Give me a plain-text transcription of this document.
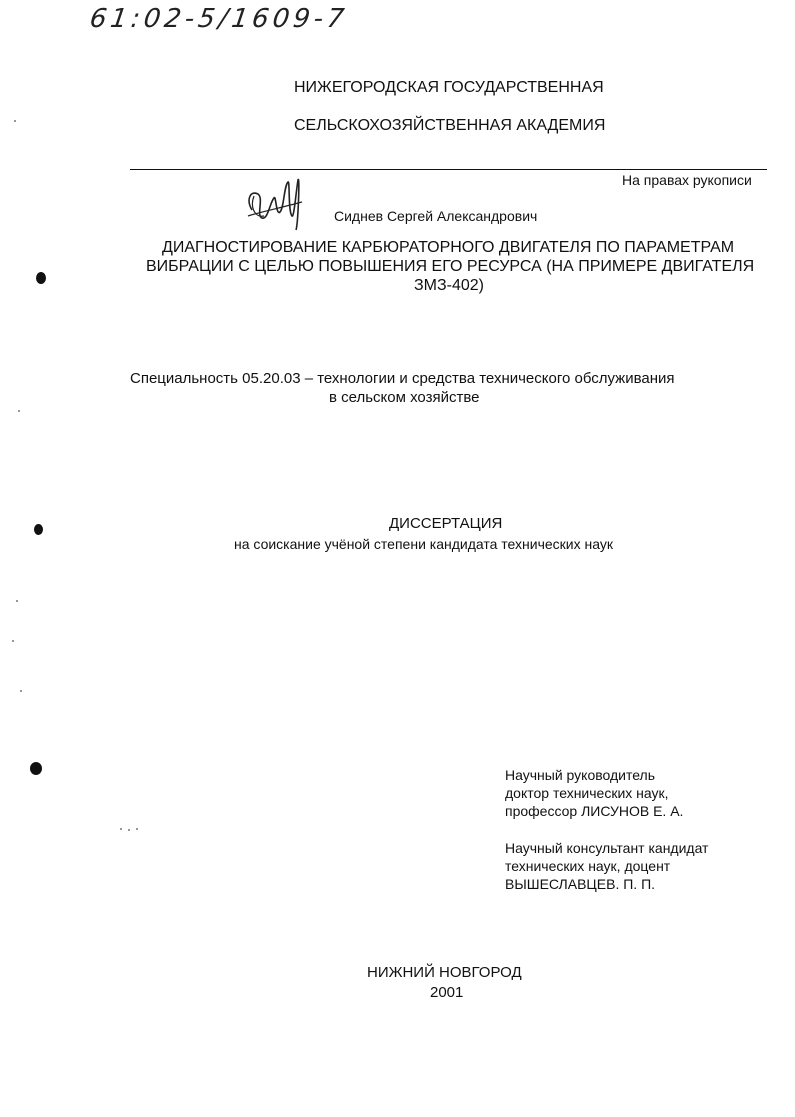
61:02-5/1609-7
НИЖЕГОРОДСКАЯ ГОСУДАРСТВЕННАЯ
СЕЛЬСКОХОЗЯЙСТВЕННАЯ АКАДЕМИЯ
На правах рукописи
Сиднев Сергей Александрович
ДИАГНОСТИРОВАНИЕ КАРБЮРАТОРНОГО ДВИГАТЕЛЯ ПО ПАРАМЕТРАМ
ВИБРАЦИИ С ЦЕЛЬЮ ПОВЫШЕНИЯ ЕГО РЕСУРСА (НА ПРИМЕРЕ ДВИГАТЕЛЯ
ЗМЗ-402)
Специальность 05.20.03 – технологии и средства технического обслуживания
в сельском хозяйстве
ДИССЕРТАЦИЯ
на соискание учёной степени кандидата технических наук
Научный руководитель
доктор технических наук,
профессор ЛИСУНОВ Е. А.
Научный консультант кандидат
технических наук, доцент
ВЫШЕСЛАВЦЕВ. П. П.
НИЖНИЙ НОВГОРОД
2001
